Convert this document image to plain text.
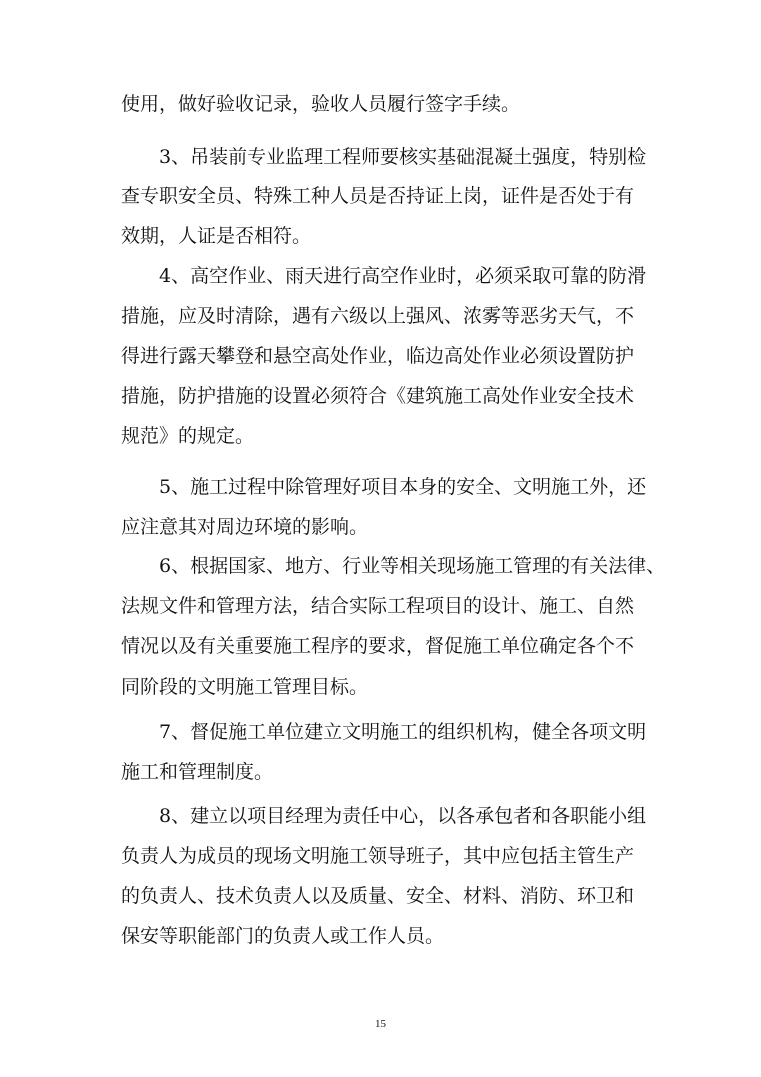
使用，做好验收记录，验收人员履行签字手续。
3、吊装前专业监理工程师要核实基础混凝土强度，特别检
查专职安全员、特殊工种人员是否持证上岗，证件是否处于有
效期，人证是否相符。
4、高空作业、雨天进行高空作业时，必须采取可靠的防滑
措施，应及时清除，遇有六级以上强风、浓雾等恶劣天气，不
得进行露天攀登和悬空高处作业，临边高处作业必须设置防护
措施，防护措施的设置必须符合《建筑施工高处作业安全技术
规范》的规定。
5、施工过程中除管理好项目本身的安全、文明施工外，还
应注意其对周边环境的影响。
6、根据国家、地方、行业等相关现场施工管理的有关法律、
法规文件和管理方法，结合实际工程项目的设计、施工、自然
情况以及有关重要施工程序的要求，督促施工单位确定各个不
同阶段的文明施工管理目标。
7、督促施工单位建立文明施工的组织机构，健全各项文明
施工和管理制度。
8、建立以项目经理为责任中心，以各承包者和各职能小组
负责人为成员的现场文明施工领导班子，其中应包括主管生产
的负责人、技术负责人以及质量、安全、材料、消防、环卫和
保安等职能部门的负责人或工作人员。
15
